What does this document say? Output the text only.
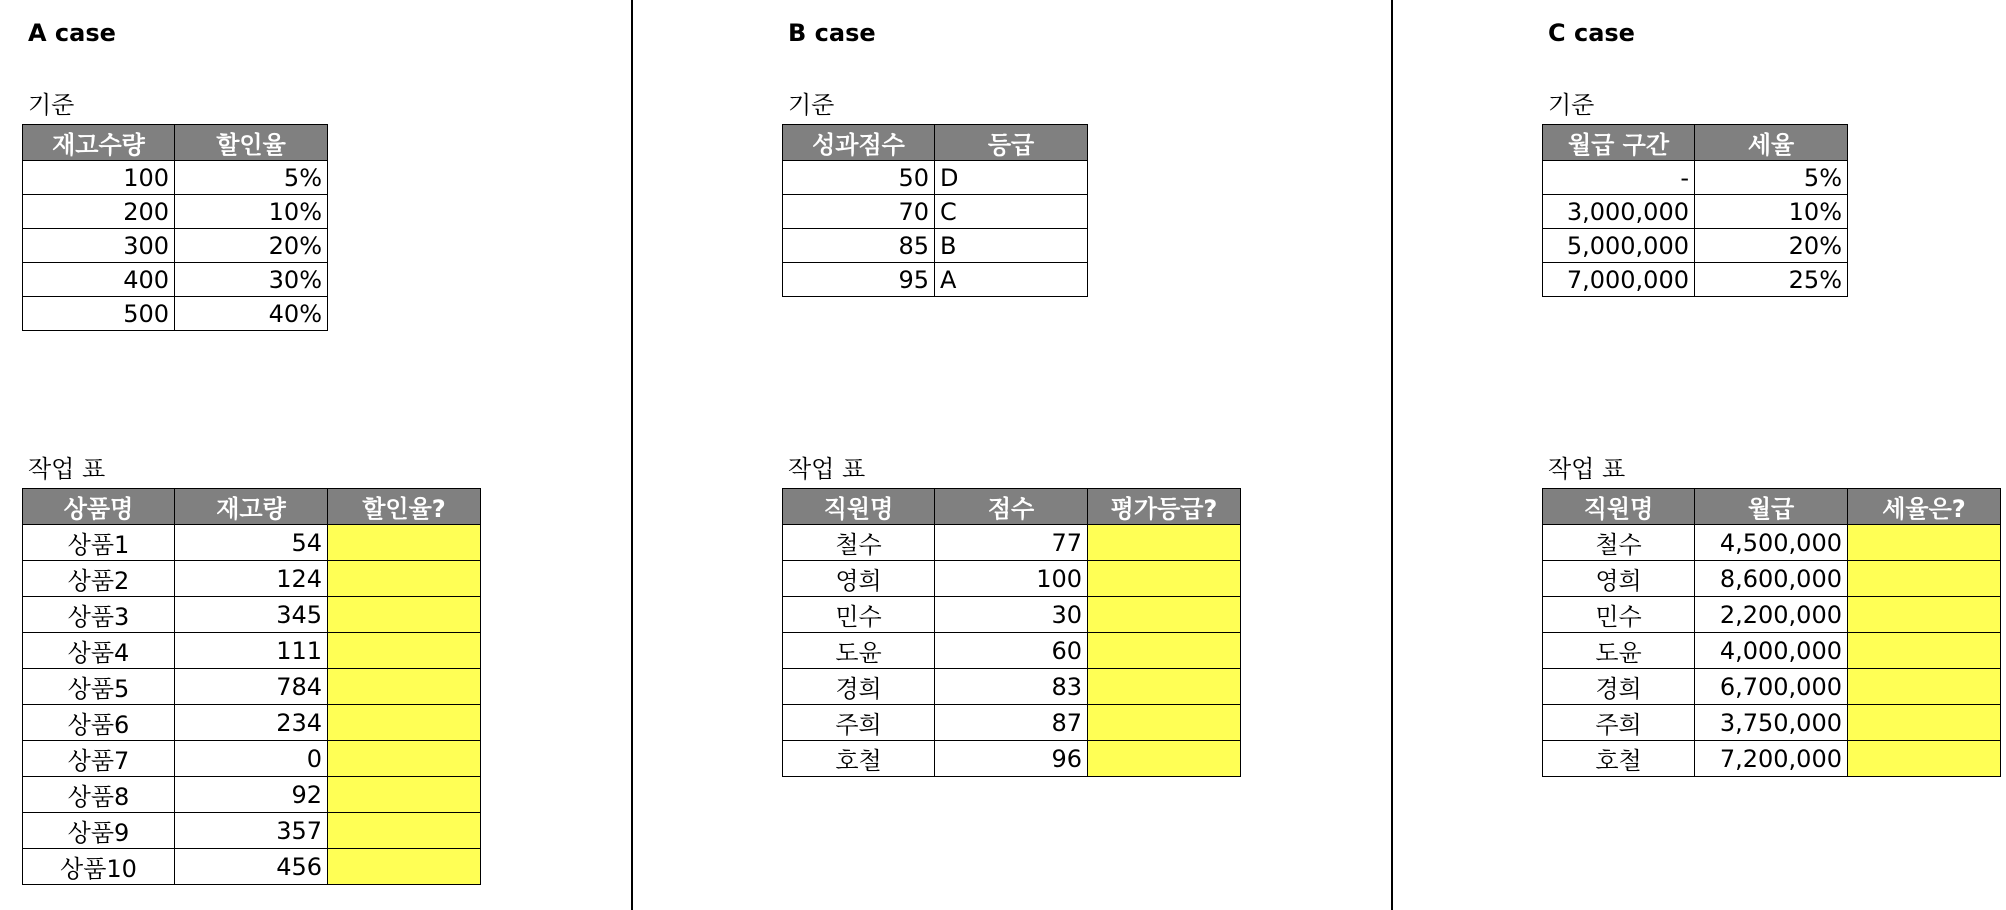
A case
기준
재고수량	할인율
100	5%
200	10%
300	20%
400	30%
500	40%
작업 표
상품명	재고량	할인율?
상품1	54	
상품2	124	
상품3	345	
상품4	111	
상품5	784	
상품6	234	
상품7	0	
상품8	92	
상품9	357	
상품10	456	
B case
기준
성과점수	등급
50	D
70	C
85	B
95	A
작업 표
직원명	점수	평가등급?
철수	77	
영희	100	
민수	30	
도윤	60	
경희	83	
주희	87	
호철	96	
C case
기준
월급 구간	세율
-	5%
3,000,000	10%
5,000,000	20%
7,000,000	25%
작업 표
직원명	월급	세율은?
철수	4,500,000	
영희	8,600,000	
민수	2,200,000	
도윤	4,000,000	
경희	6,700,000	
주희	3,750,000	
호철	7,200,000	
